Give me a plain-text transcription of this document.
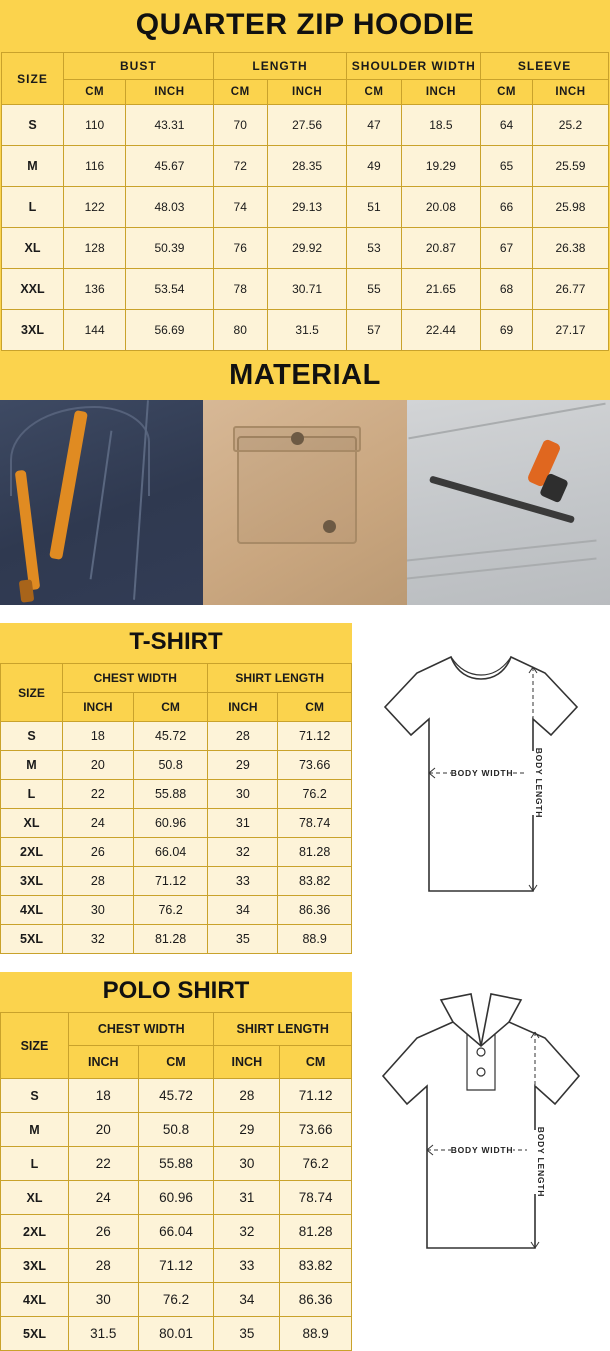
QUARTER ZIP HOODIE
SIZE	BUST		LENGTH		SHOULDER WIDTH		SLEEVE	
	CM	INCH	CM	INCH	CM	INCH	CM	INCH
S	110	43.31	70	27.56	47	18.5	64	25.2
M	116	45.67	72	28.35	49	19.29	65	25.59
L	122	48.03	74	29.13	51	20.08	66	25.98
XL	128	50.39	76	29.92	53	20.87	67	26.38
XXL	136	53.54	78	30.71	55	21.65	68	26.77
3XL	144	56.69	80	31.5	57	22.44	69	27.17
MATERIAL
T-SHIRT
SIZE	CHEST WIDTH		SHIRT LENGTH	
	INCH	CM	INCH	CM
S	18	45.72	28	71.12
M	20	50.8	29	73.66
L	22	55.88	30	76.2
XL	24	60.96	31	78.74
2XL	26	66.04	32	81.28
3XL	28	71.12	33	83.82
4XL	30	76.2	34	86.36
5XL	32	81.28	35	88.9
BODY WIDTH BODY LENGTH
POLO SHIRT
SIZE	CHEST WIDTH		SHIRT LENGTH	
	INCH	CM	INCH	CM
S	18	45.72	28	71.12
M	20	50.8	29	73.66
L	22	55.88	30	76.2
XL	24	60.96	31	78.74
2XL	26	66.04	32	81.28
3XL	28	71.12	33	83.82
4XL	30	76.2	34	86.36
5XL	31.5	80.01	35	88.9
BODY WIDTH	BODY LENGTH
